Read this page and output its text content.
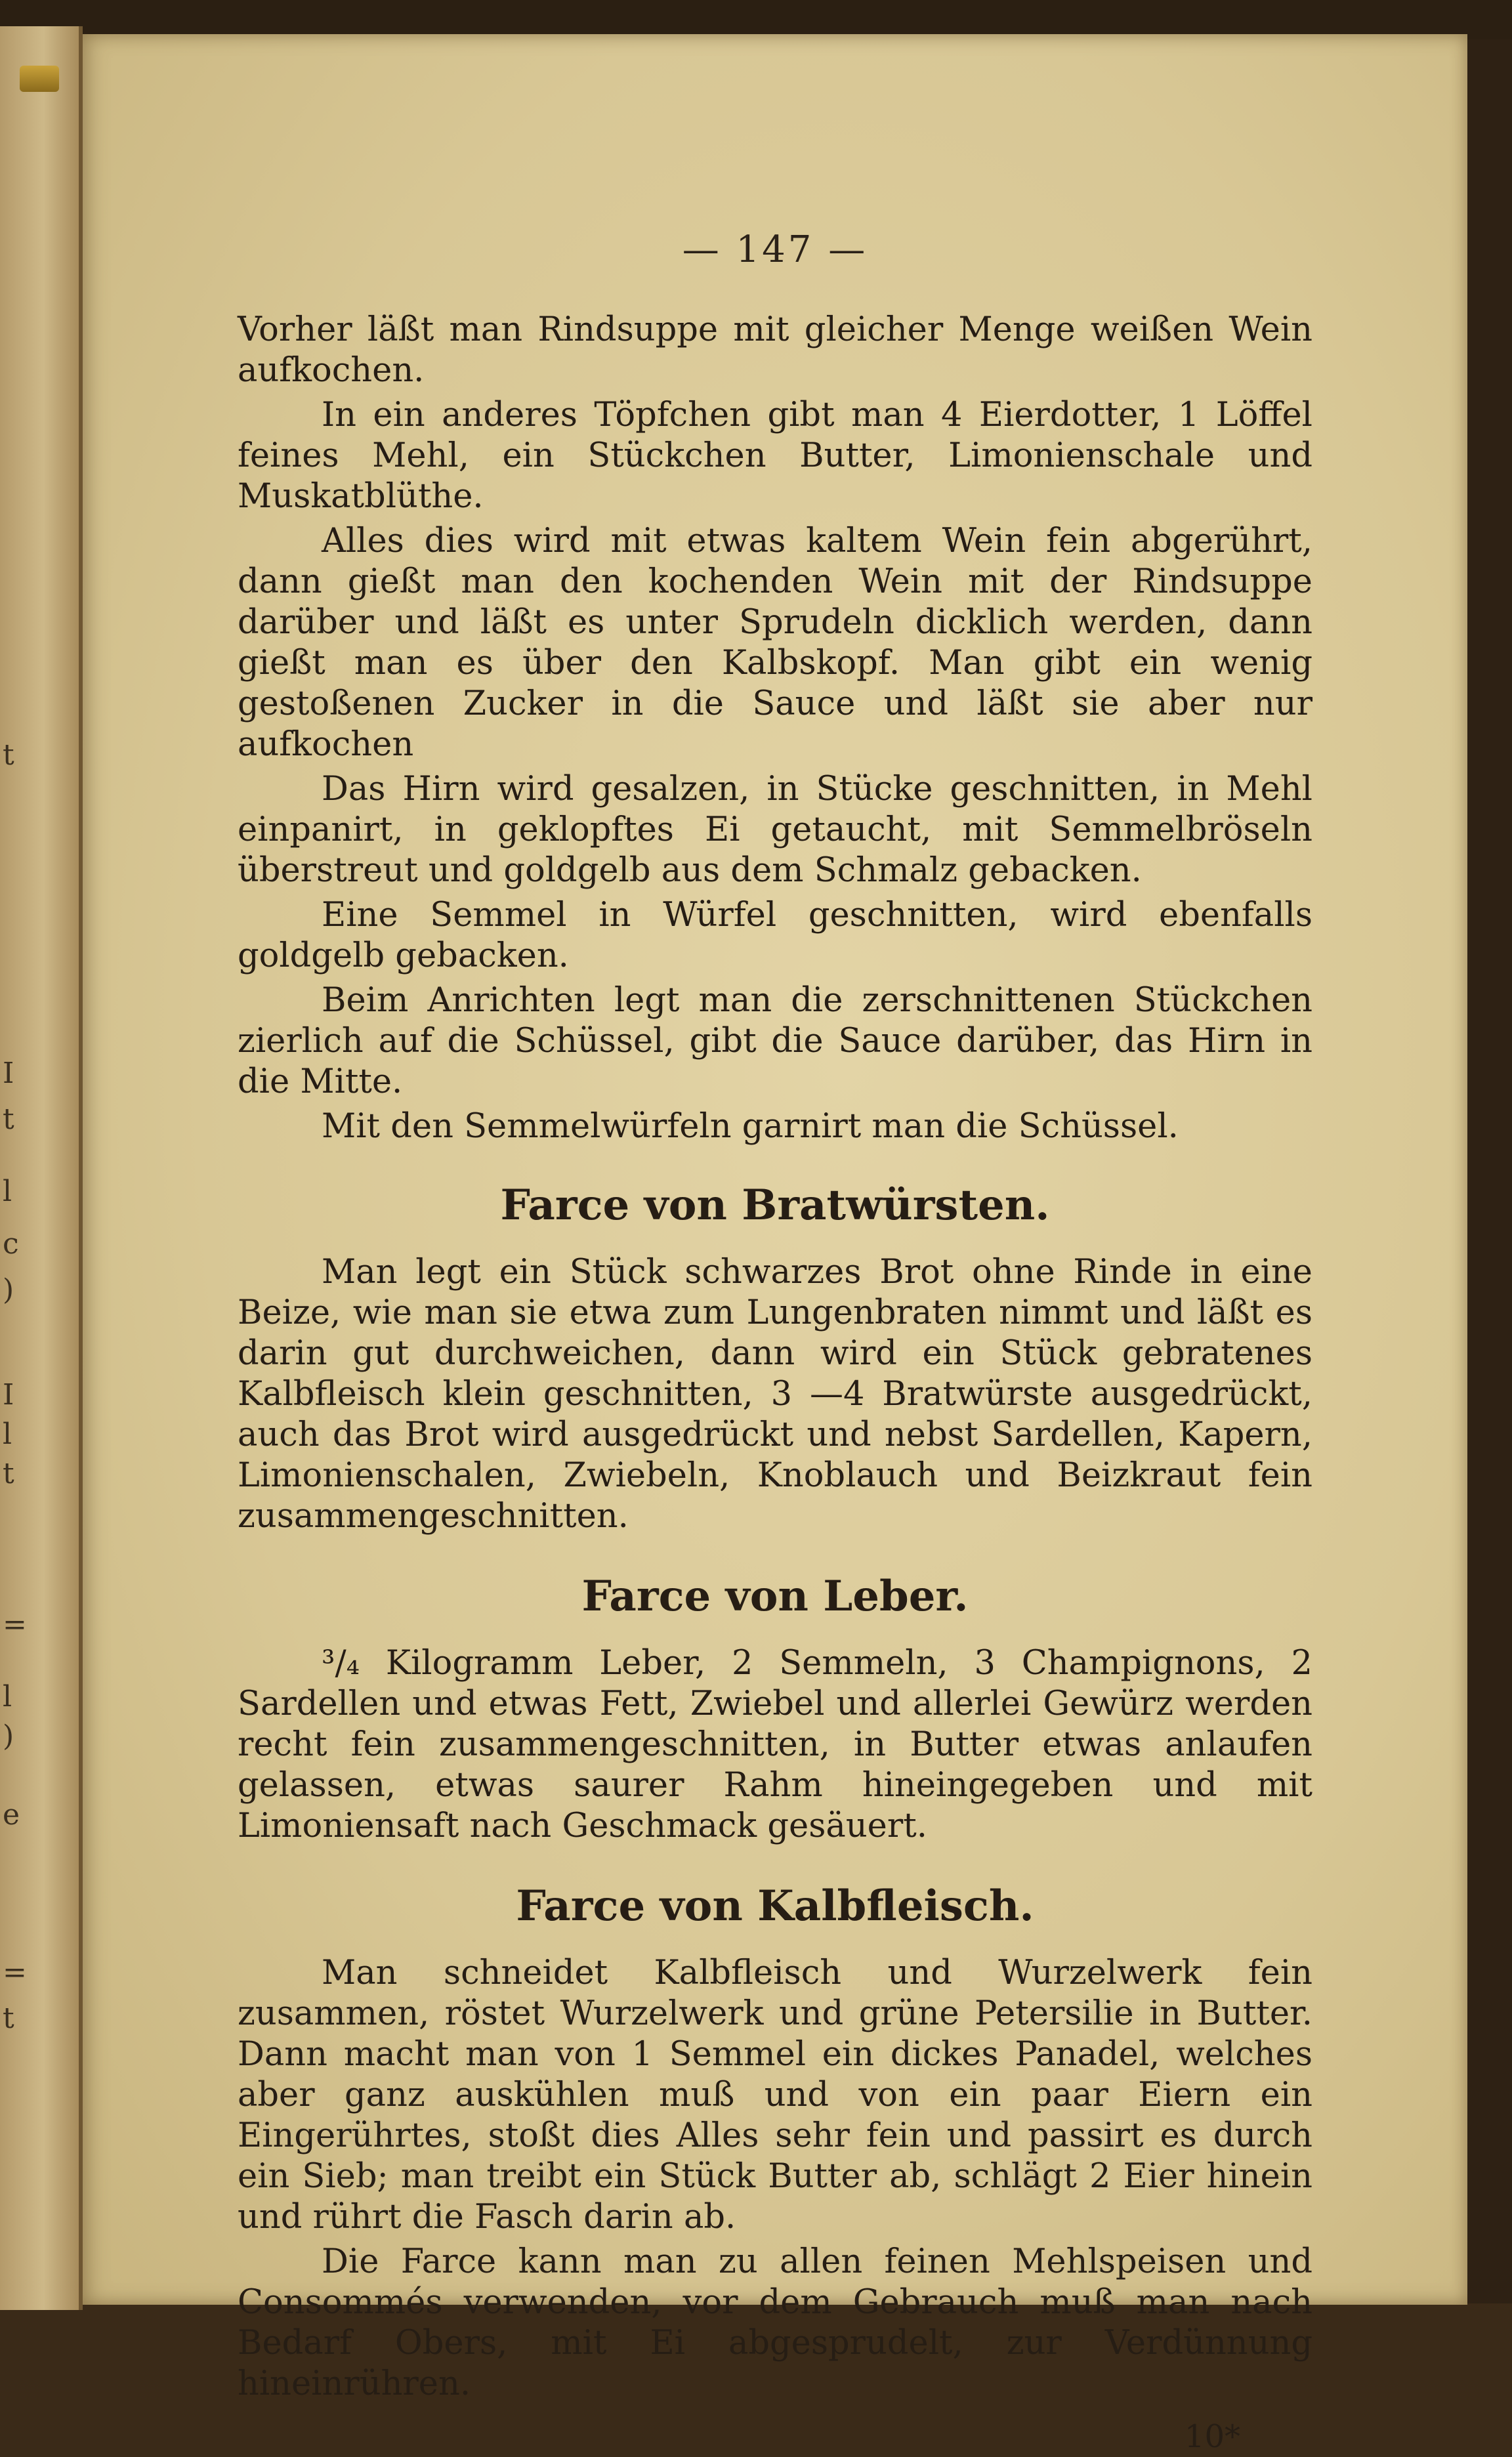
t
I
t
l
c
)
I
l
t
=
l
)
e
=
t
— 147 —

Vorher läßt man Rindsuppe mit gleicher Menge weißen Wein aufkochen.

In ein anderes Töpfchen gibt man 4 Eierdotter, 1 Löffel feines Mehl, ein Stückchen Butter, Limonienschale und Muskatblüthe.

Alles dies wird mit etwas kaltem Wein fein abgerührt, dann gießt man den kochenden Wein mit der Rindsuppe darüber und läßt es unter Sprudeln dicklich werden, dann gießt man es über den Kalbskopf. Man gibt ein wenig gestoßenen Zucker in die Sauce und läßt sie aber nur aufkochen

Das Hirn wird gesalzen, in Stücke geschnitten, in Mehl einpanirt, in geklopftes Ei getaucht, mit Semmelbröseln überstreut und goldgelb aus dem Schmalz gebacken.

Eine Semmel in Würfel geschnitten, wird ebenfalls goldgelb gebacken.

Beim Anrichten legt man die zerschnittenen Stückchen zierlich auf die Schüssel, gibt die Sauce darüber, das Hirn in die Mitte.

Mit den Semmelwürfeln garnirt man die Schüssel.

Farce von Bratwürsten.

Man legt ein Stück schwarzes Brot ohne Rinde in eine Beize, wie man sie etwa zum Lungenbraten nimmt und läßt es darin gut durchweichen, dann wird ein Stück gebratenes Kalbfleisch klein geschnitten, 3 —4 Bratwürste ausgedrückt, auch das Brot wird ausgedrückt und nebst Sardellen, Kapern, Limonienschalen, Zwiebeln, Knoblauch und Beizkraut fein zusammengeschnitten.

Farce von Leber.

³/₄ Kilogramm Leber, 2 Semmeln, 3 Champignons, 2 Sardellen und etwas Fett, Zwiebel und allerlei Gewürz werden recht fein zusammengeschnitten, in Butter etwas anlaufen gelassen, etwas saurer Rahm hineingegeben und mit Limoniensaft nach Geschmack gesäuert.

Farce von Kalbfleisch.

Man schneidet Kalbfleisch und Wurzelwerk fein zusammen, röstet Wurzelwerk und grüne Petersilie in Butter. Dann macht man von 1 Semmel ein dickes Panadel, welches aber ganz auskühlen muß und von ein paar Eiern ein Eingerührtes, stoßt dies Alles sehr fein und passirt es durch ein Sieb; man treibt ein Stück Butter ab, schlägt 2 Eier hinein und rührt die Fasch darin ab.

Die Farce kann man zu allen feinen Mehlspeisen und Consommés verwenden, vor dem Gebrauch muß man nach Bedarf Obers, mit Ei abgesprudelt, zur Verdünnung hineinrühren.

10*
